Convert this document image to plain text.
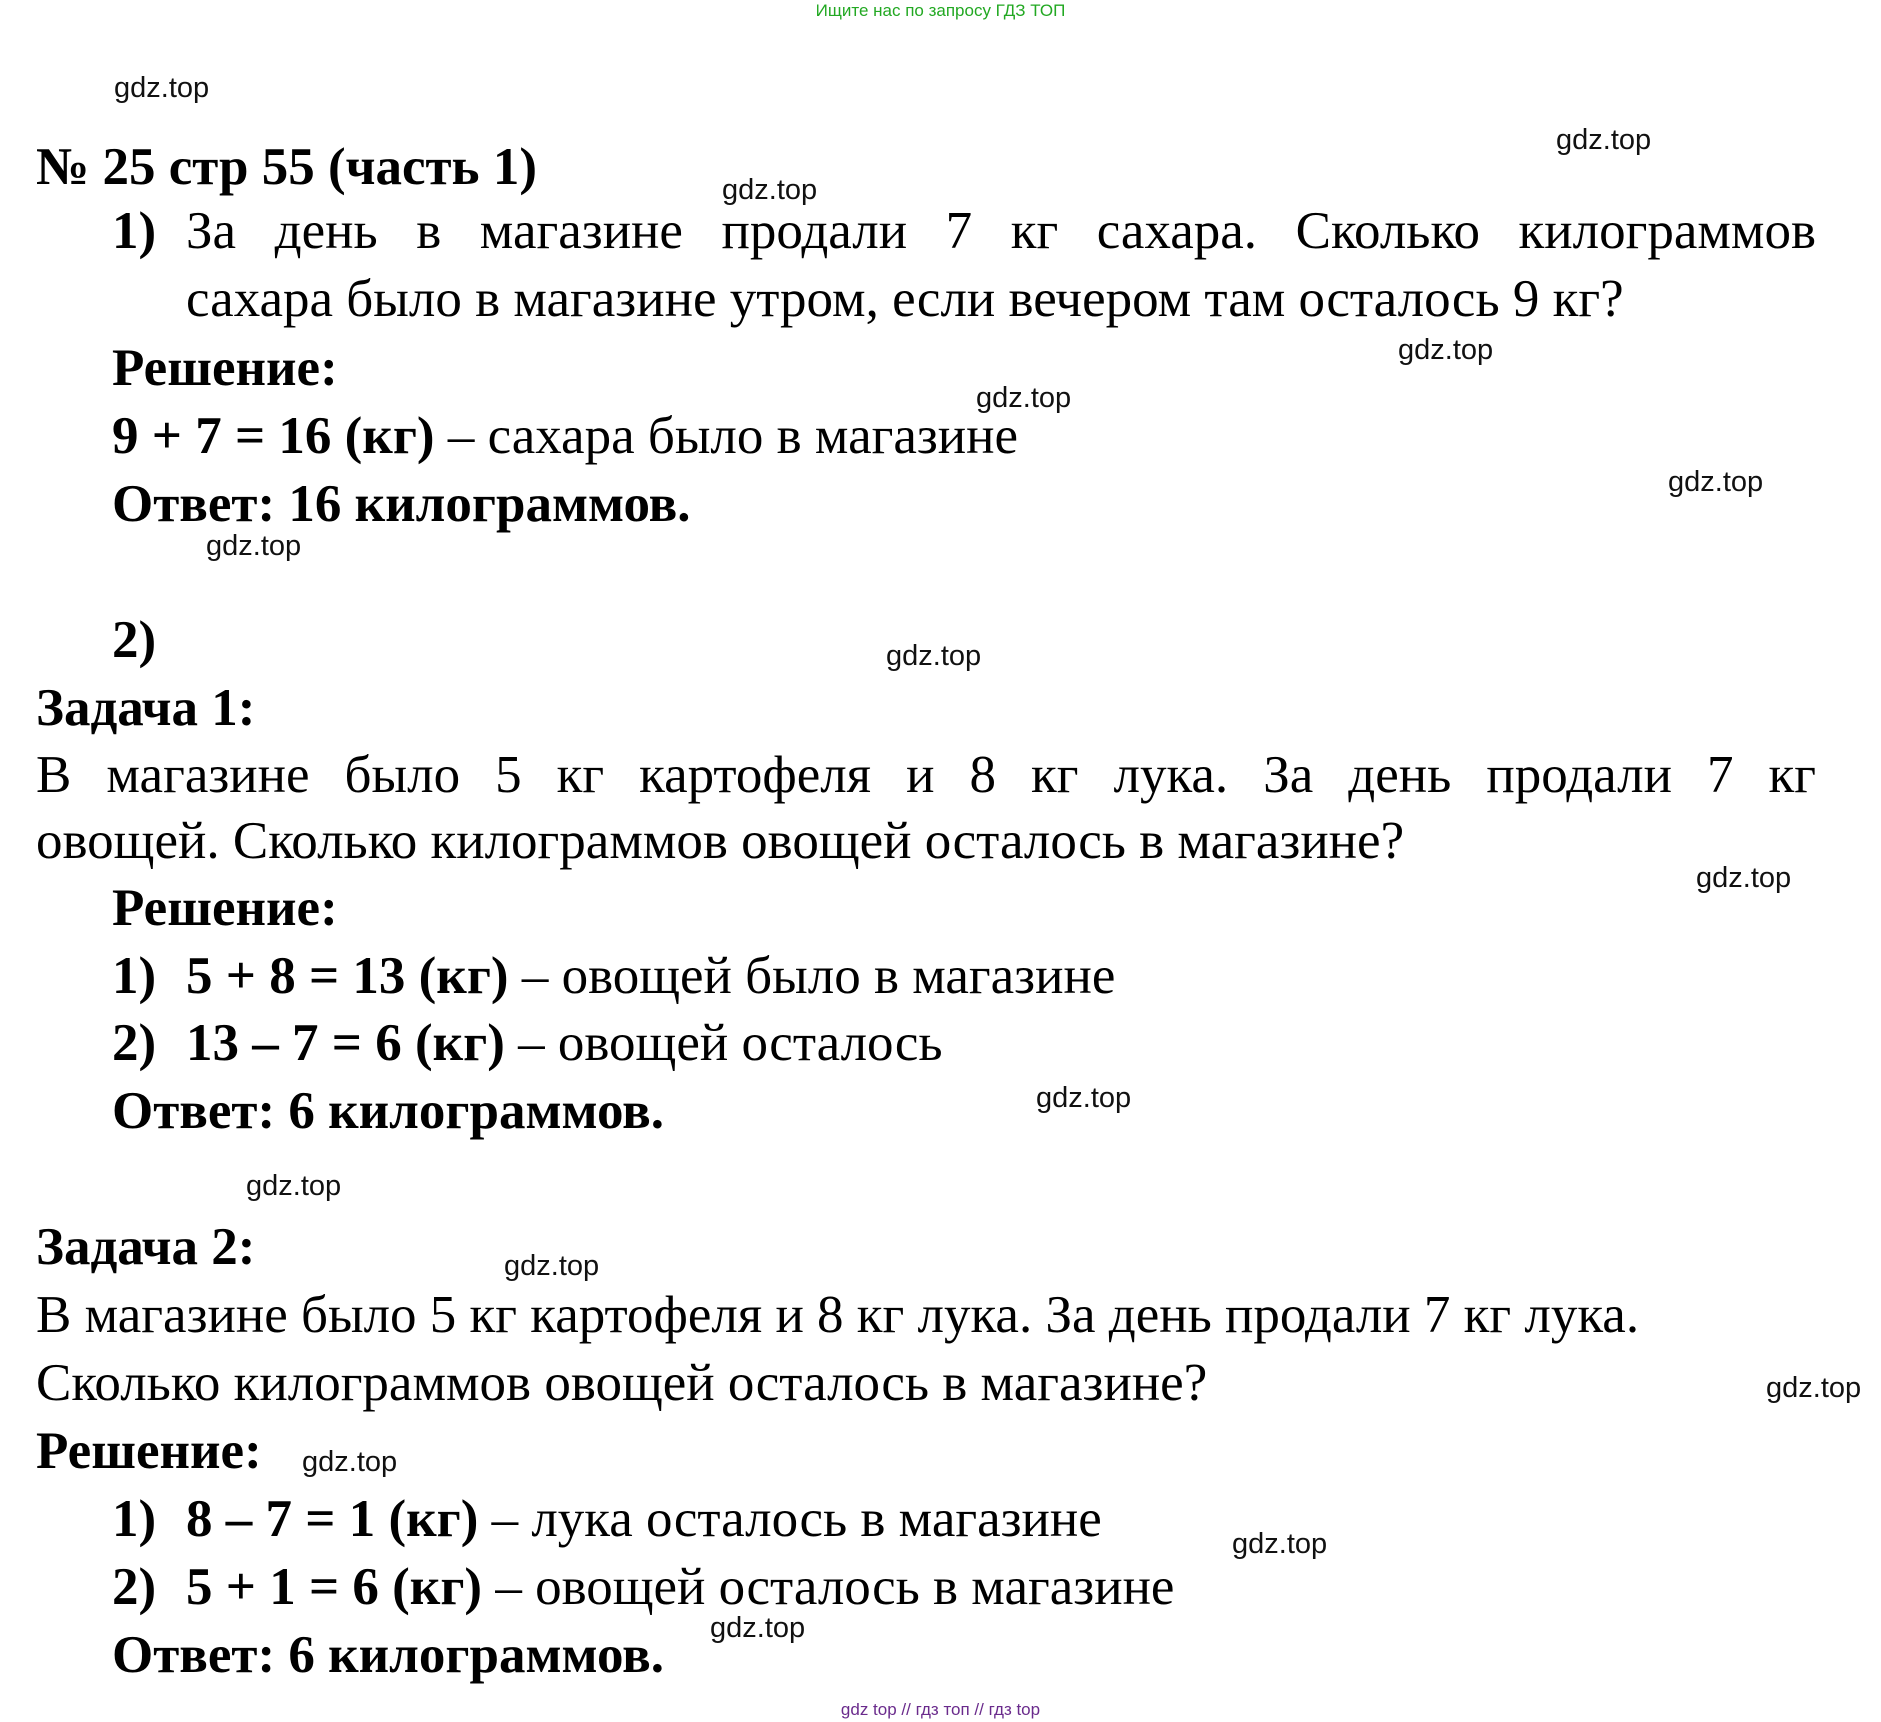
Ищите нас по запросу ГДЗ ТОП
gdz top // гдз топ // гдз top
№ 25 стр 55 (часть 1)
1) За день в магазине продали 7 кг сахара. Сколько килограммов
сахара было в магазине утром, если вечером там осталось 9 кг?
Решение:
9 + 7 = 16 (кг) – сахара было в магазине
Ответ: 16 килограммов.
2)
Задача 1:
В магазине было 5 кг картофеля и 8 кг лука. За день продали 7 кг
овощей. Сколько килограммов овощей осталось в магазине?
Решение:
1) 5 + 8 = 13 (кг) – овощей было в магазине
2) 13 – 7 = 6 (кг) – овощей осталось
Ответ: 6 килограммов.
Задача 2:
В магазине было 5 кг картофеля и 8 кг лука. За день продали 7 кг лука.
Сколько килограммов овощей осталось в магазине?
Решение:
1) 8 – 7 = 1 (кг) – лука осталось в магазине
2) 5 + 1 = 6 (кг) – овощей осталось в магазине
Ответ: 6 килограммов.
gdz.top
gdz.top
gdz.top
gdz.top
gdz.top
gdz.top
gdz.top
gdz.top
gdz.top
gdz.top
gdz.top
gdz.top
gdz.top
gdz.top
gdz.top
gdz.top
